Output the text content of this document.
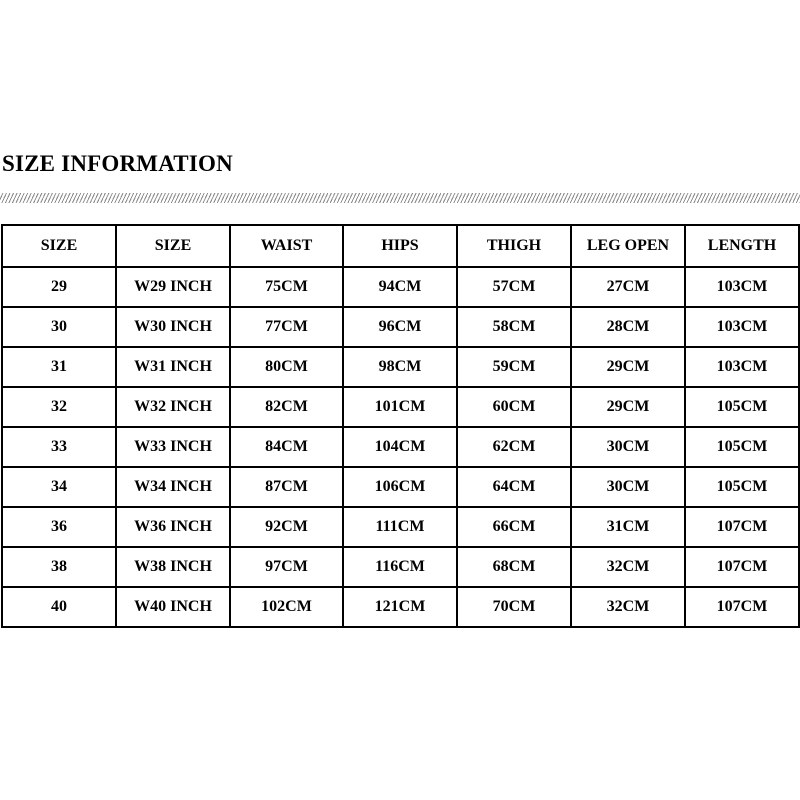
SIZE INFORMATION
SIZE	SIZE	WAIST	HIPS	THIGH	LEG OPEN	LENGTH
29	W29 INCH	75CM	94CM	57CM	27CM	103CM
30	W30 INCH	77CM	96CM	58CM	28CM	103CM
31	W31 INCH	80CM	98CM	59CM	29CM	103CM
32	W32 INCH	82CM	101CM	60CM	29CM	105CM
33	W33 INCH	84CM	104CM	62CM	30CM	105CM
34	W34 INCH	87CM	106CM	64CM	30CM	105CM
36	W36 INCH	92CM	111CM	66CM	31CM	107CM
38	W38 INCH	97CM	116CM	68CM	32CM	107CM
40	W40 INCH	102CM	121CM	70CM	32CM	107CM
